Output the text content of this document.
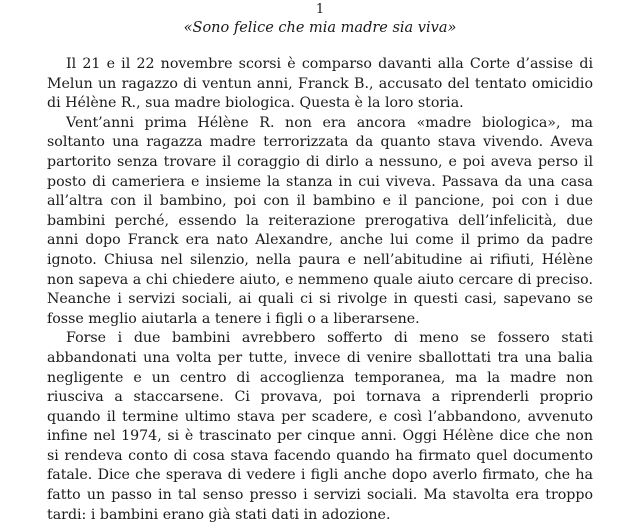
1

«Sono felice che mia madre sia viva»

Il 21 e il 22 novembre scorsi è comparso davanti alla Corte d’assise di Melun un ragazzo di ventun anni, Franck B., accusato del tentato omicidio di Hélène R., sua madre biologica. Questa è la loro storia.

Vent’anni prima Hélène R. non era ancora «madre biologica», ma soltanto una ragazza madre terrorizzata da quanto stava vivendo. Aveva partorito senza trovare il coraggio di dirlo a nessuno, e poi aveva perso il posto di cameriera e insieme la stanza in cui viveva. Passava da una casa all’altra con il bambino, poi con il bambino e il pancione, poi con i due bambini perché, essendo la reiterazione prerogativa dell’infelicità, due anni dopo Franck era nato Alexandre, anche lui come il primo da padre ignoto. Chiusa nel silenzio, nella paura e nell’abitudine ai rifiuti, Hélène non sapeva a chi chiedere aiuto, e nemmeno quale aiuto cercare di preciso. Neanche i servizi sociali, ai quali ci si rivolge in questi casi, sapevano se fosse meglio aiutarla a tenere i figli o a liberarsene.

Forse i due bambini avrebbero sofferto di meno se fossero stati abbandonati una volta per tutte, invece di venire sballottati tra una balia negligente e un centro di accoglienza temporanea, ma la madre non riusciva a staccarsene. Ci provava, poi tornava a riprenderli proprio quando il termine ultimo stava per scadere, e così l’abbandono, avvenuto infine nel 1974, si è trascinato per cinque anni. Oggi Hélène dice che non si rendeva conto di cosa stava facendo quando ha firmato quel documento fatale. Dice che sperava di vedere i figli anche dopo averlo firmato, che ha fatto un passo in tal senso presso i servizi sociali. Ma stavolta era troppo tardi: i bambini erano già stati dati in adozione.
